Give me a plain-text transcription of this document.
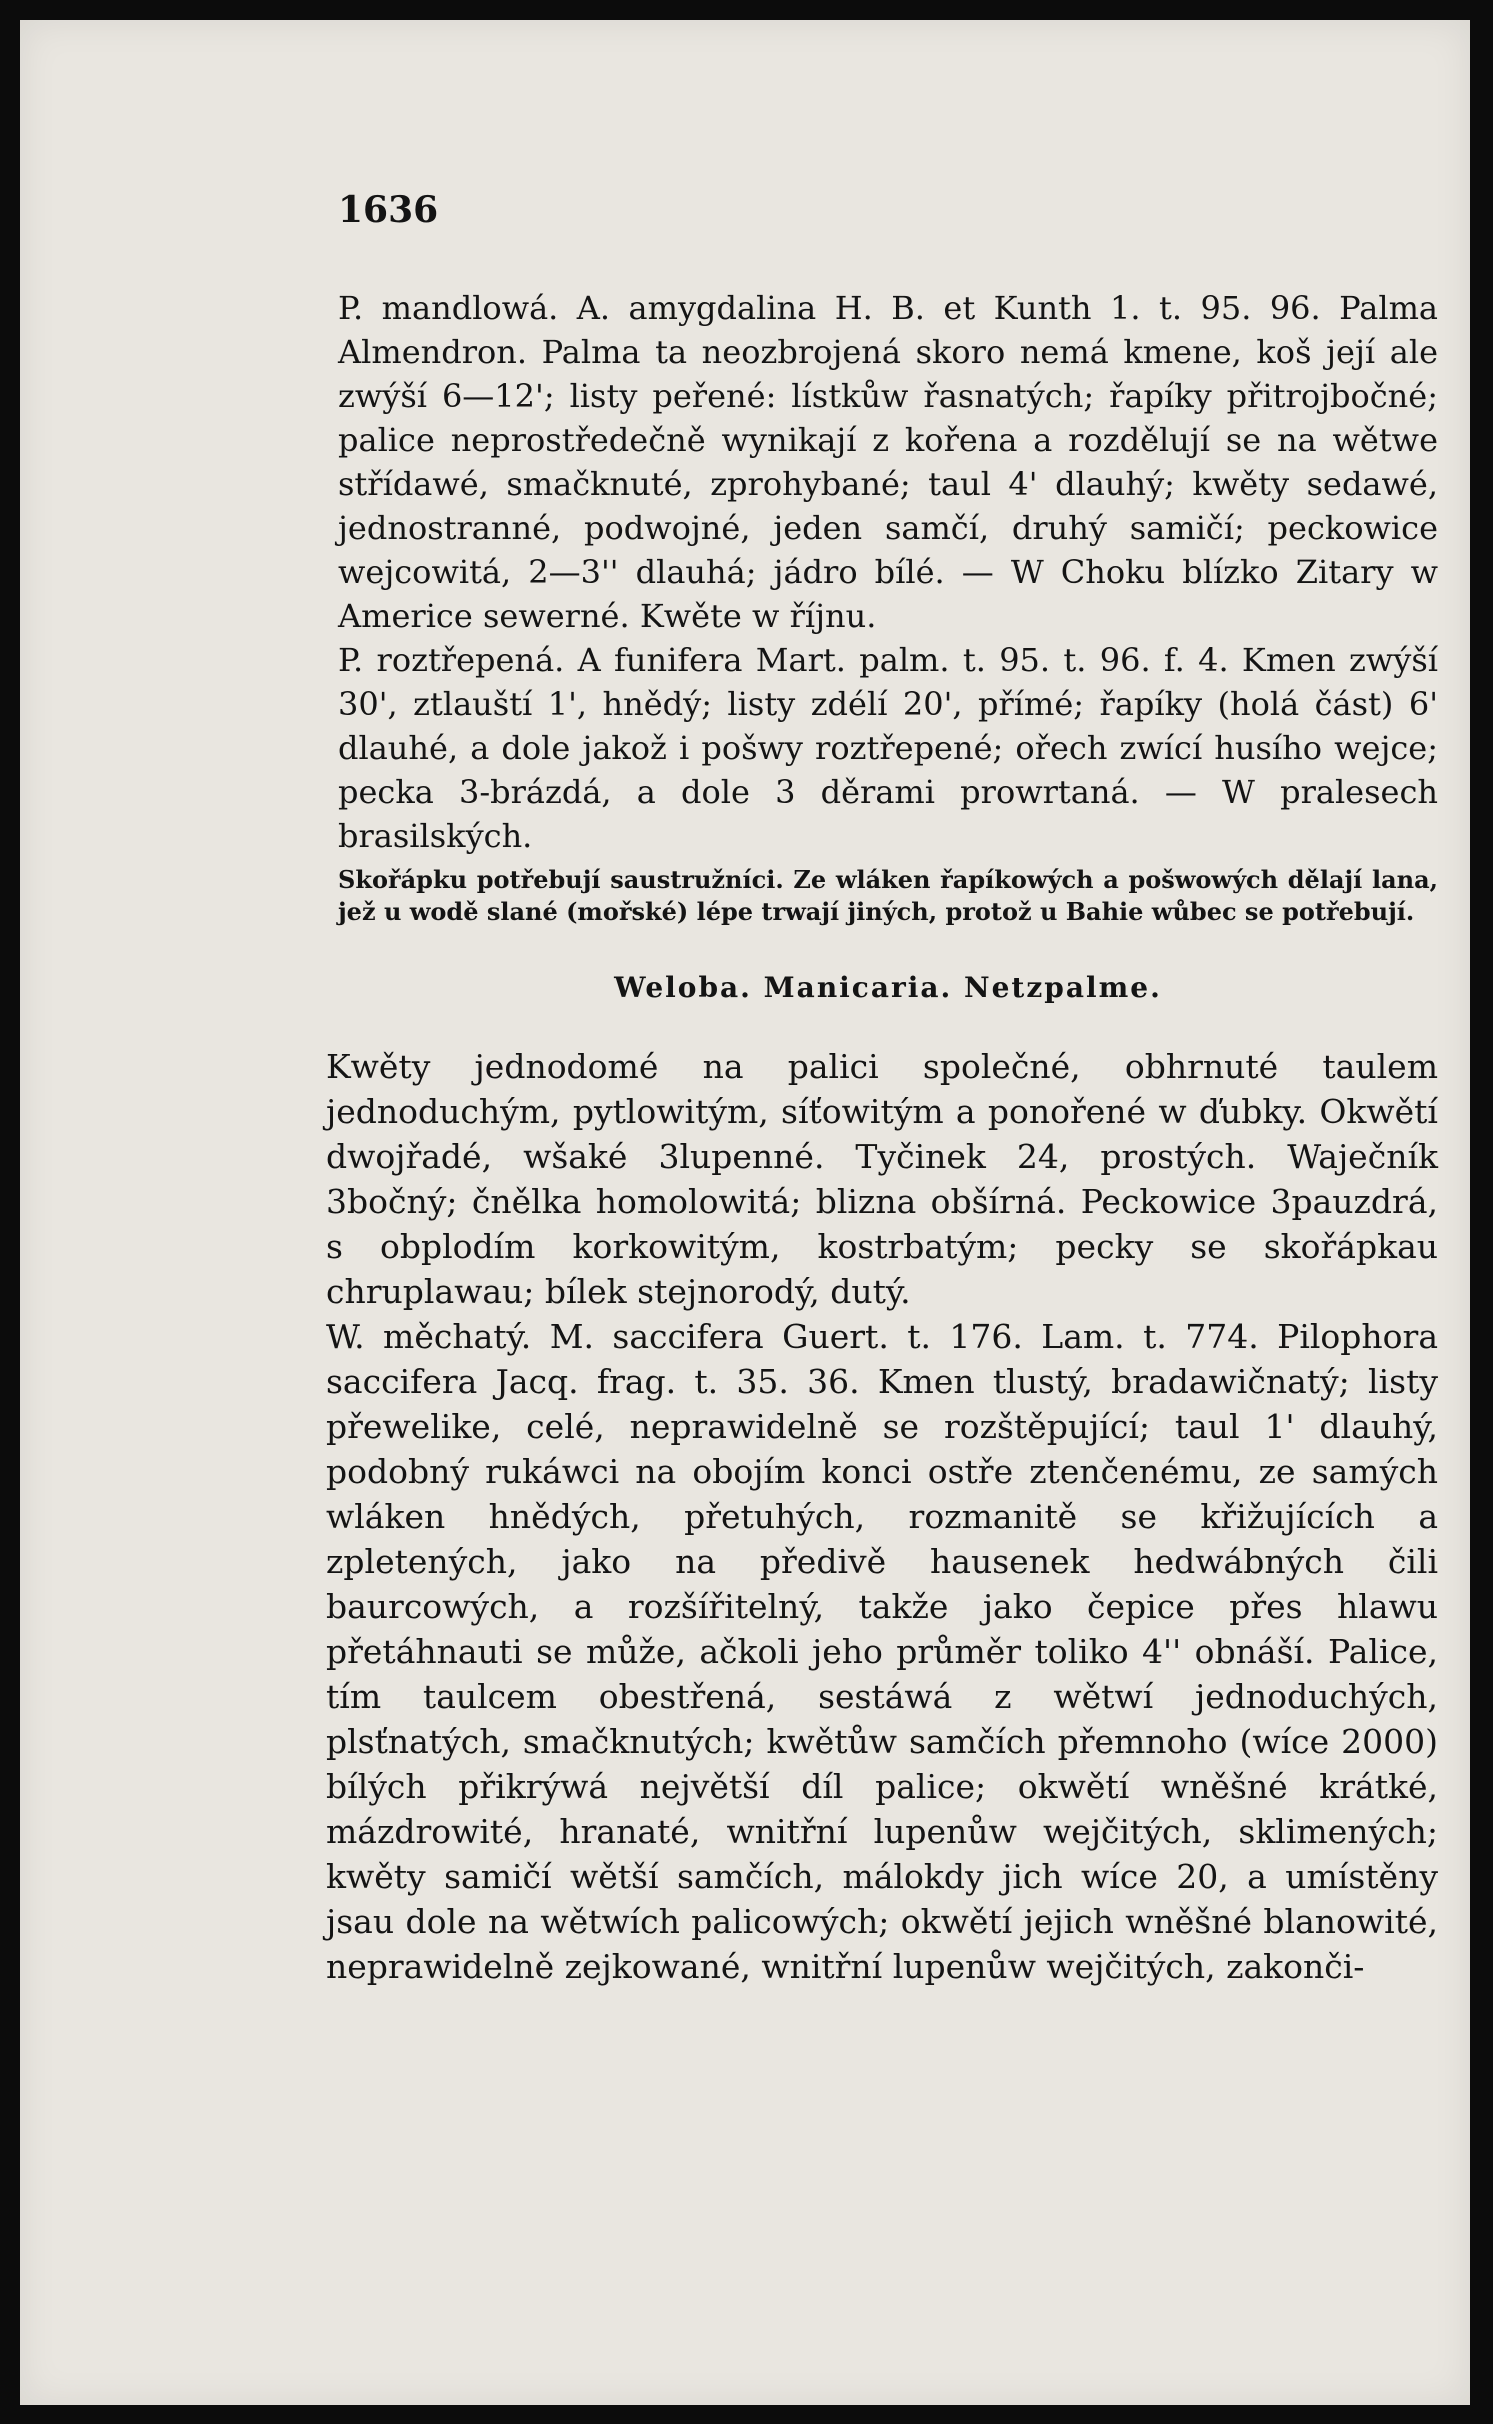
1636

P. mandlowá. A. amygdalina H. B. et Kunth 1. t. 95. 96. Palma Almendron. Palma ta neozbrojená skoro nemá kmene, koš její ale zwýší 6—12'; listy peřené: lístkůw řasnatých; řapíky přitrojbočné; palice neprostředečně wynikají z kořena a rozdělují se na wětwe střídawé, smačknuté, zprohybané; taul 4' dlauhý; kwěty sedawé, jednostranné, podwojné, jeden samčí, druhý samičí; peckowice wejcowitá, 2—3'' dlauhá; jádro bílé. — W Choku blízko Zitary w Americe sewerné. Kwěte w říjnu.

P. roztřepená. A funifera Mart. palm. t. 95. t. 96. f. 4. Kmen zwýší 30', ztlauští 1', hnědý; listy zdélí 20', přímé; řapíky (holá část) 6' dlauhé, a dole jakož i pošwy roztřepené; ořech zwící husího wejce; pecka 3-brázdá, a dole 3 děrami prowrtaná. — W pralesech brasilských.

Skořápku potřebují saustružníci. Ze wláken řapíkowých a pošwowých dělají lana, jež u wodě slané (mořské) lépe trwají jiných, protož u Bahie wůbec se potřebují.

Weloba. Manicaria. Netzpalme.

Kwěty jednodomé na palici společné, obhrnuté taulem jednoduchým, pytlowitým, síťowitým a ponořené w ďubky. Okwětí dwojřadé, wšaké 3lupenné. Tyčinek 24, prostých. Waječník 3bočný; čnělka homolowitá; blizna obšírná. Peckowice 3pauzdrá, s obplodím korkowitým, kostrbatým; pecky se skořápkau chruplawau; bílek stejnorodý, dutý.

W. měchatý. M. saccifera Guert. t. 176. Lam. t. 774. Pilophora saccifera Jacq. frag. t. 35. 36. Kmen tlustý, bradawičnatý; listy přewelike, celé, neprawidelně se rozštěpující; taul 1' dlauhý, podobný rukáwci na obojím konci ostře ztenčenému, ze samých wláken hnědých, přetuhých, rozmanitě se křižujících a zpletených, jako na předivě hausenek hedwábných čili baurcowých, a rozšířitelný, takže jako čepice přes hlawu přetáhnauti se může, ačkoli jeho průměr toliko 4'' obnáší. Palice, tím taulcem obestřená, sestáwá z wětwí jednoduchých, plsťnatých, smačknutých; kwětůw samčích přemnoho (wíce 2000) bílých přikrýwá největší díl palice; okwětí wněšné krátké, mázdrowité, hranaté, wnitřní lupenůw wejčitých, sklimených; kwěty samičí wětší samčích, málokdy jich wíce 20, a umístěny jsau dole na wětwích palicowých; okwětí jejich wněšné blanowité, neprawidelně zejkowané, wnitřní lupenůw wejčitých, zakonči-
